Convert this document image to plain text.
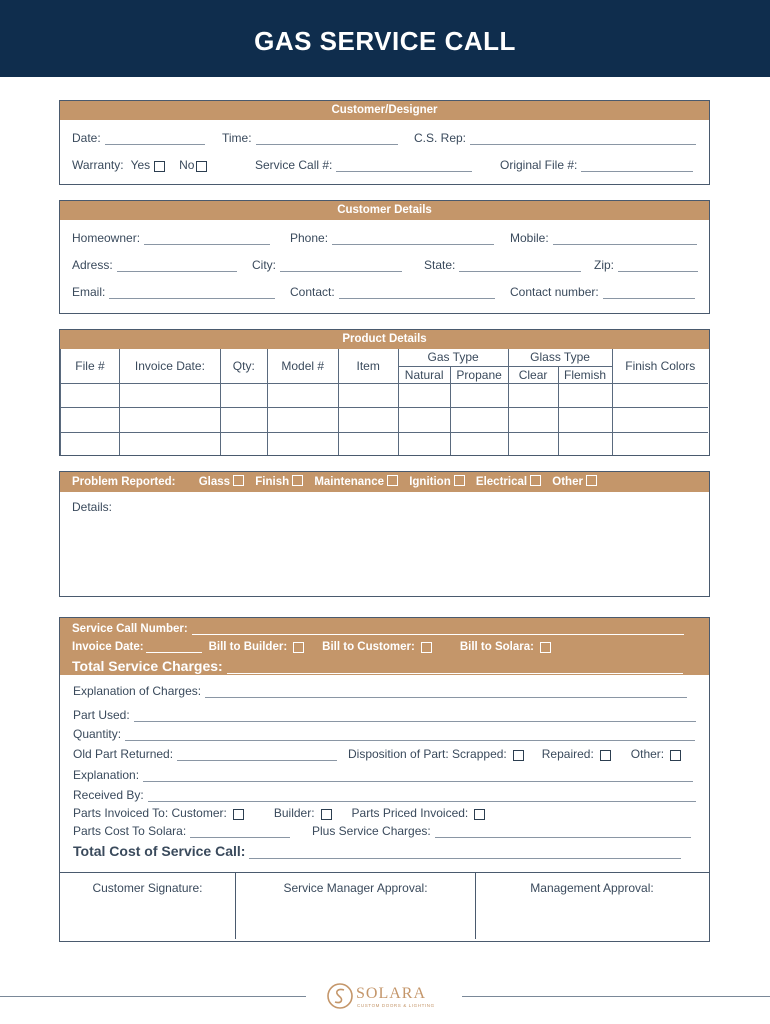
GAS SERVICE CALL
Customer/Designer
Date:	Time:	C.S. Rep:
Warranty: Yes No	Service Call #:	Original File #:
Customer Details
Homeowner:	Phone:	Mobile:
Adress:	City:	State:	Zip:
Email:	Contact:	Contact number:
Product Details
File #	Invoice Date:	Qty:	Model #	Item	Gas Type		Glass Type		Finish Colors
					Natural	Propane	Clear	Flemish	

Problem Reported: Glass Finish Maintenance Ignition Electrical Other
Details:
Service Call Number:
Invoice Date:	Bill to Builder:	Bill to Customer:	Bill to Solara:
Total Service Charges:
Explanation of Charges:
Part Used:
Quantity:
Old Part Returned:	Disposition of Part: Scrapped:	Repaired:	Other:
Explanation:
Received By:
Parts Invoiced To: Customer:	Builder:	Parts Priced Invoiced:
Parts Cost To Solara:	Plus Service Charges:
Total Cost of Service Call:
Customer Signature:	Service Manager Approval:	Management Approval:
SOLARA
CUSTOM DOORS & LIGHTING
